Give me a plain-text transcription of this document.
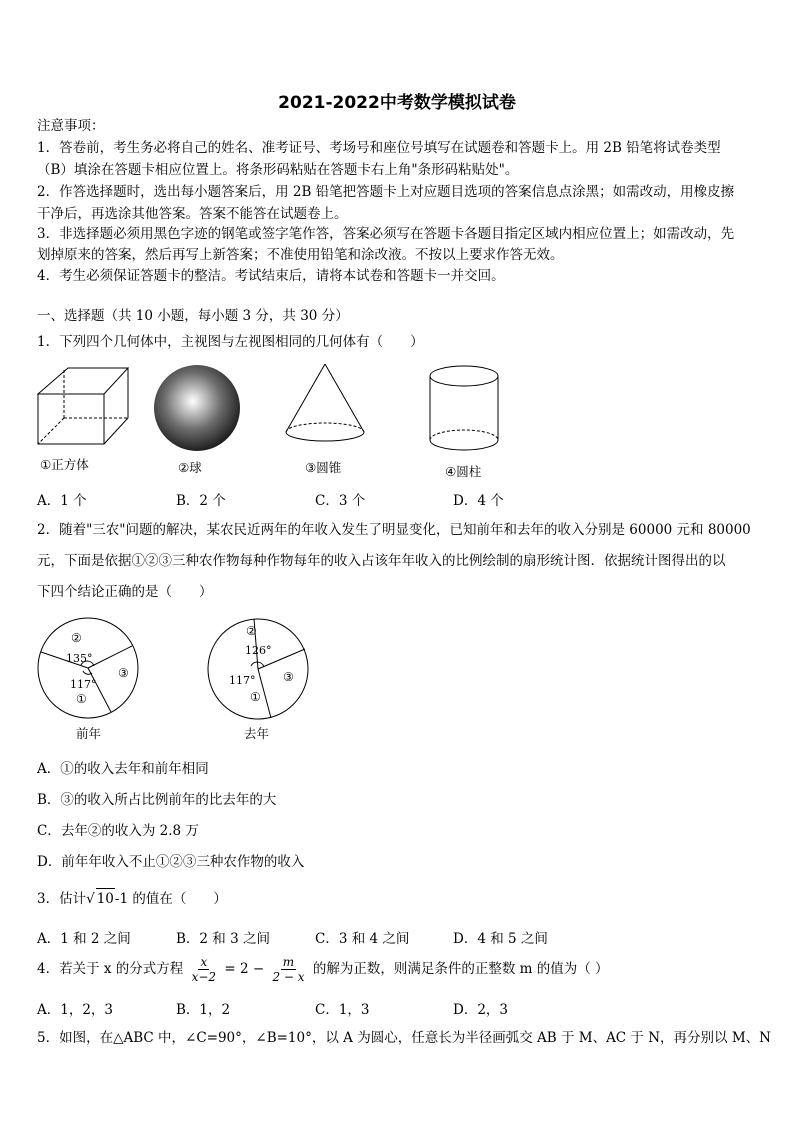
2021-2022中考数学模拟试卷
注意事项：
1．答卷前，考生务必将自己的姓名、准考证号、考场号和座位号填写在试题卷和答题卡上。用 2B 铅笔将试卷类型
（B）填涂在答题卡相应位置上。将条形码粘贴在答题卡右上角"条形码粘贴处"。
2．作答选择题时，选出每小题答案后，用 2B 铅笔把答题卡上对应题目选项的答案信息点涂黑；如需改动，用橡皮擦
干净后，再选涂其他答案。答案不能答在试题卷上。
3．非选择题必须用黑色字迹的钢笔或签字笔作答，答案必须写在答题卡各题目指定区域内相应位置上；如需改动，先
划掉原来的答案，然后再写上新答案；不准使用铅笔和涂改液。不按以上要求作答无效。
4．考生必须保证答题卡的整洁。考试结束后，请将本试卷和答题卡一并交回。
一、选择题（共 10 小题，每小题 3 分，共 30 分）
1．下列四个几何体中，主视图与左视图相同的几何体有（　　）
①正方体	②球	③圆锥	④圆柱
A．1 个	B．2 个	C．3 个	D．4 个
2．随着"三农"问题的解决，某农民近两年的年收入发生了明显变化，已知前年和去年的收入分别是 60000 元和 80000
元，下面是依据①②③三种农作物每种作物每年的收入占该年年收入的比例绘制的扇形统计图．依据统计图得出的以
下四个结论正确的是（　　）
②
135°
117°
①
③
②
126°
117°
①
③
前年	去年
A．①的收入去年和前年相同
B．③的收入所占比例前年的比去年的大
C．去年②的收入为 2.8 万
D．前年年收入不止①②③三种农作物的收入
3．估计√ 10-1 的值在（　　）
A．1 和 2 之间	B．2 和 3 之间	C．3 和 4 之间	D．4 和 5 之间
4．若关于 x 的分式方程 $\frac{x}{x-2} = 2 - \frac{m}{2 - x}$ 的解为正数，则满足条件的正整数 m 的值为（ ）
A．1，2，3	B．1，2	C．1，3	D．2，3
5．如图，在△ABC 中，∠C=90°，∠B=10°，以 A 为圆心，任意长为半径画弧交 AB 于 M、AC 于 N，再分别以 M、N
